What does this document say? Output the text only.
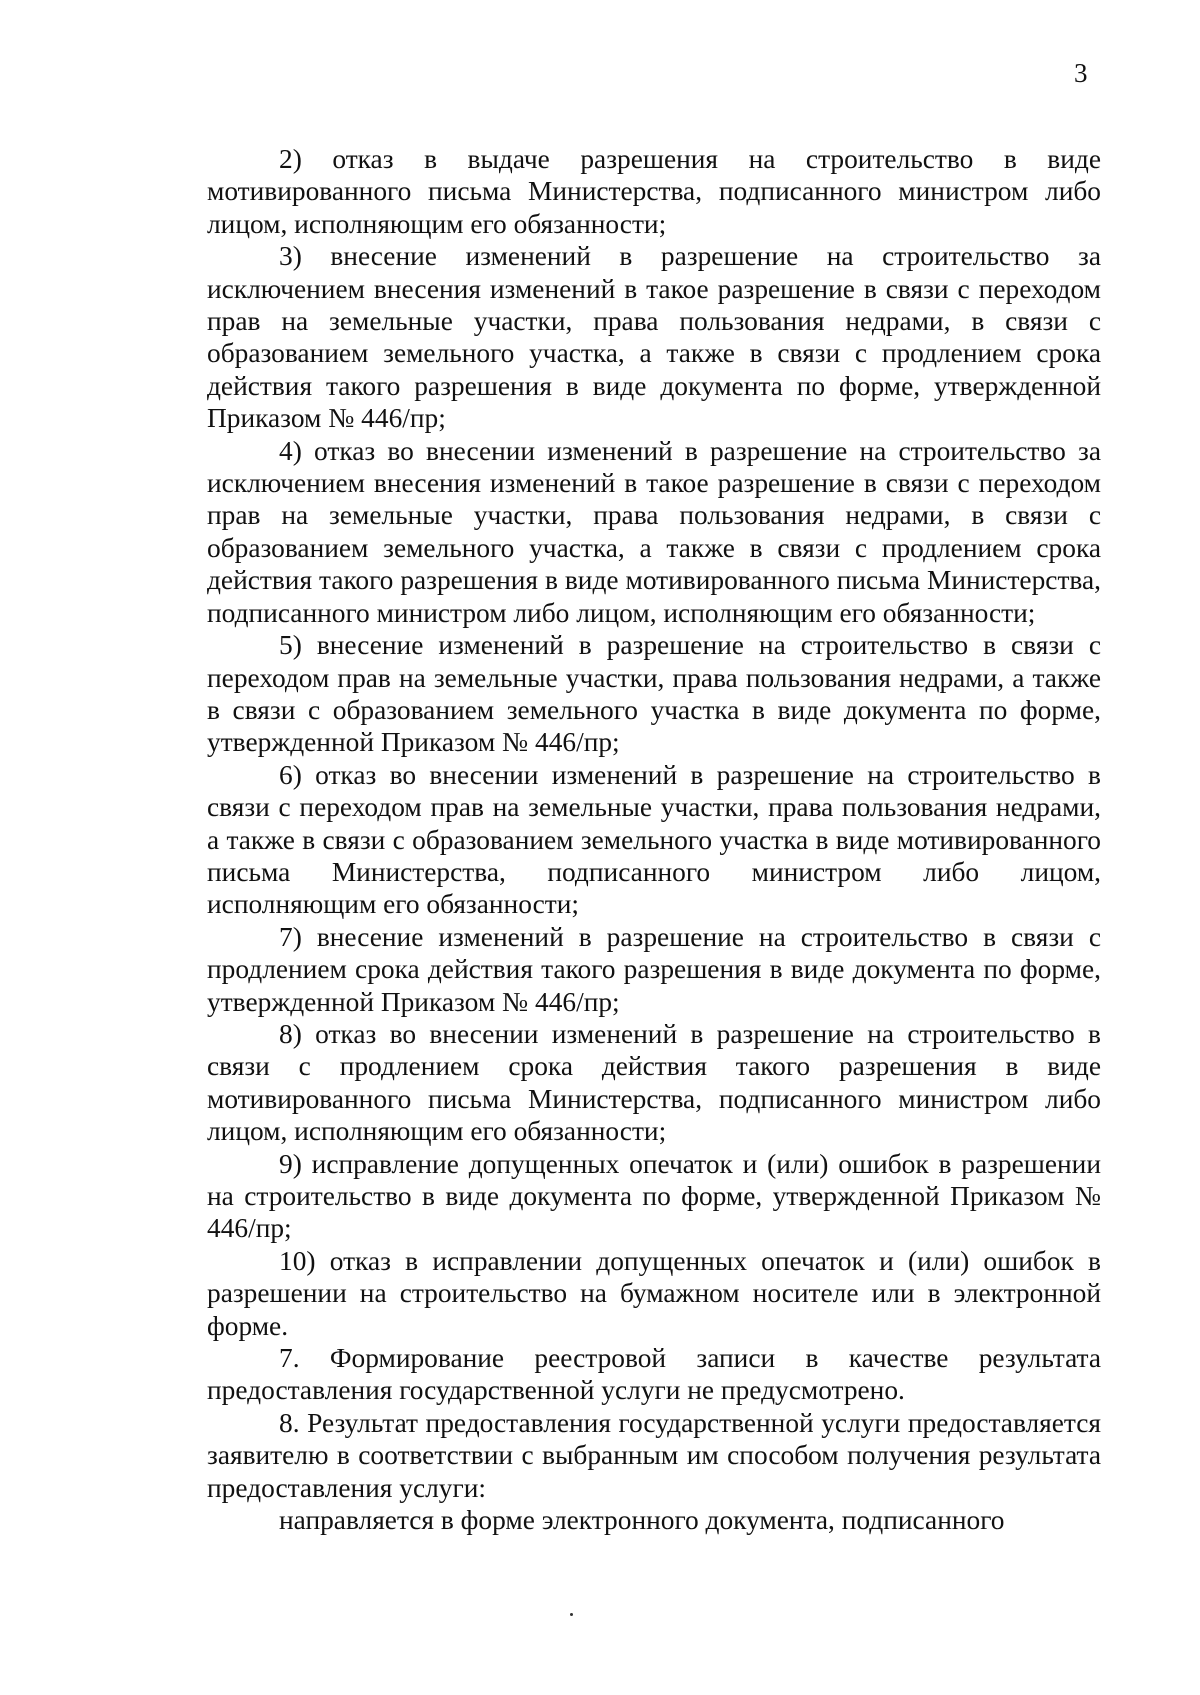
3

2) отказ в выдаче разрешения на строительство в виде мотивированного письма Министерства, подписанного министром либо лицом, исполняющим его обязанности;

3) внесение изменений в разрешение на строительство за исключением внесения изменений в такое разрешение в связи с переходом прав на земельные участки, права пользования недрами, в связи с образованием земельного участка, а также в связи с продлением срока действия такого разрешения в виде документа по форме, утвержденной Приказом № 446/пр;

4) отказ во внесении изменений в разрешение на строительство за исключением внесения изменений в такое разрешение в связи с переходом прав на земельные участки, права пользования недрами, в связи с образованием земельного участка, а также в связи с продлением срока действия такого разрешения в виде мотивированного письма Министерства, подписанного министром либо лицом, исполняющим его обязанности;

5) внесение изменений в разрешение на строительство в связи с переходом прав на земельные участки, права пользования недрами, а также в связи с образованием земельного участка в виде документа по форме, утвержденной Приказом № 446/пр;

6) отказ во внесении изменений в разрешение на строительство в связи с переходом прав на земельные участки, права пользования недрами, а также в связи с образованием земельного участка в виде мотивированного письма Министерства, подписанного министром либо лицом, исполняющим его обязанности;

7) внесение изменений в разрешение на строительство в связи с продлением срока действия такого разрешения в виде документа по форме, утвержденной Приказом № 446/пр;

8) отказ во внесении изменений в разрешение на строительство в связи с продлением срока действия такого разрешения в виде мотивированного письма Министерства, подписанного министром либо лицом, исполняющим его обязанности;

9) исправление допущенных опечаток и (или) ошибок в разрешении на строительство в виде документа по форме, утвержденной Приказом № 446/пр;

10) отказ в исправлении допущенных опечаток и (или) ошибок в разрешении на строительство на бумажном носителе или в электронной форме.

7. Формирование реестровой записи в качестве результата предоставления государственной услуги не предусмотрено.

8. Результат предоставления государственной услуги предоставляется заявителю в соответствии с выбранным им способом получения результата предоставления услуги:

направляется в форме электронного документа, подписанного
